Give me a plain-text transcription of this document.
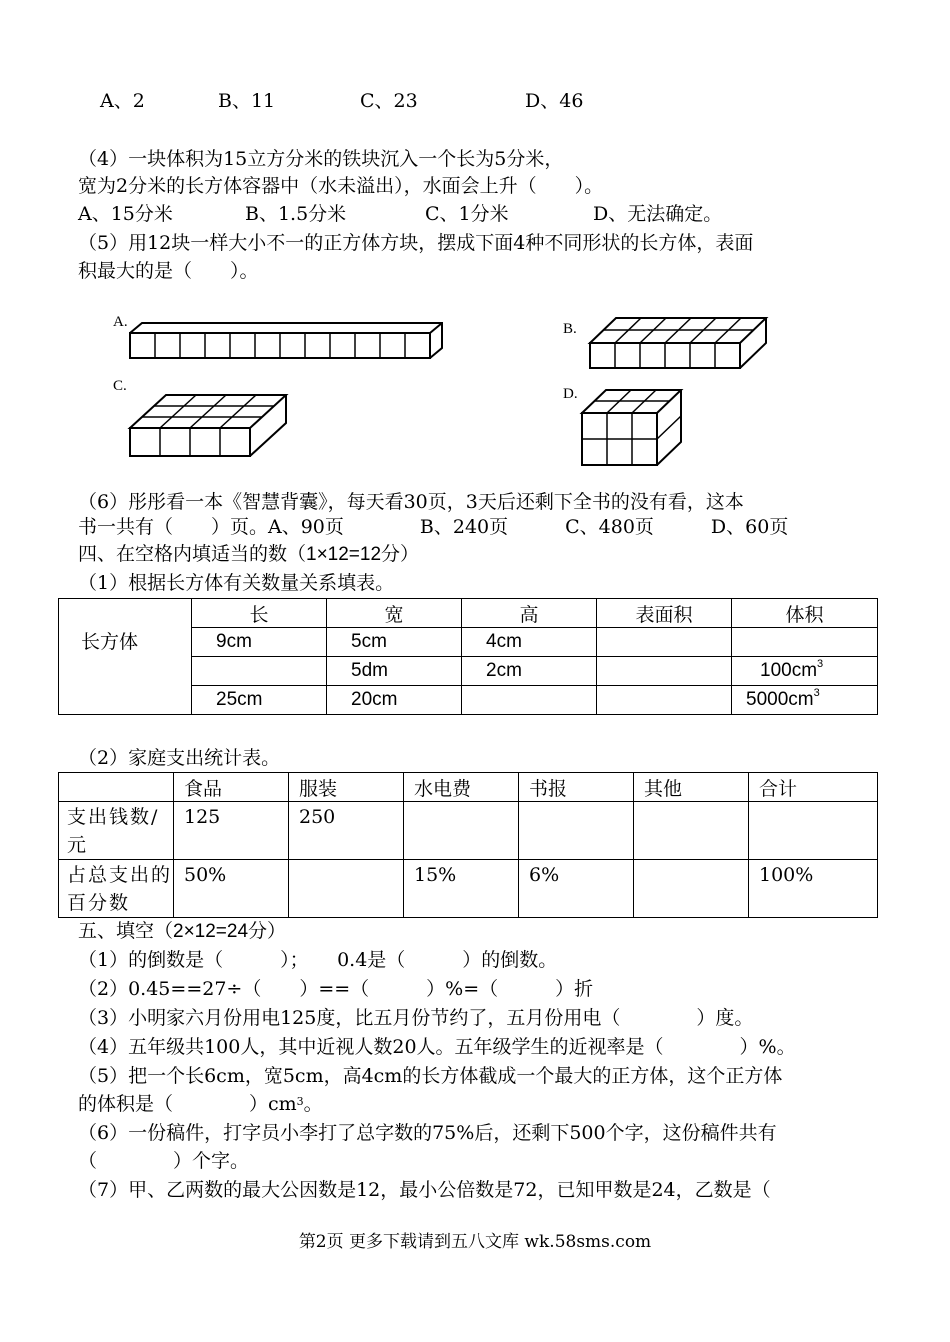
A、2	B、11	C、23	D、46
（4）一块体积为15立方分米的铁块沉入一个长为5分米，
宽为2分米的长方体容器中（水未溢出），水面会上升（　　）。
A、15分米	B、1.5分米	C、1分米	D、无法确定。
（5）用12块一样大小不一的正方体方块，摆成下面4种不同形状的长方体，表面
积最大的是（　　）。
A.	B.
C.	D.
（6）彤彤看一本《智慧背囊》，每天看30页，3天后还剩下全书的没有看，这本
书一共有（　　）页。A、90页　　　　B、240页　　　C、480页　　　D、60页
四、在空格内填适当的数（1×12=12分）
（1）根据长方体有关数量关系填表。
长方体	长	宽	高	表面积	体积
	9cm	5cm	4cm		
		5dm	2cm		$100cm^3$
	25cm	20cm			$5000cm^3$
（2）家庭支出统计表。
	食品	服装	水电费	书报	其他	合计
支出钱数/元	125	250				
占总支出的百分数	50%		15%	6%		100%
五、填空（2×12=24分）
（1）的倒数是（　　　）；　　0.4是（　　　）的倒数。
（2）0.45==27÷（　　）==（　　　）%=（　　　）折
（3）小明家六月份用电125度，比五月份节约了，五月份用电（　　　　）度。
（4）五年级共100人，其中近视人数20人。五年级学生的近视率是（　　　　）%。
（5）把一个长6cm，宽5cm，高4cm的长方体截成一个最大的正方体，这个正方体
的体积是（　　　　）$cm^3$。
（6）一份稿件，打字员小李打了总字数的75%后，还剩下500个字，这份稿件共有
（　　　　）个字。
（7）甲、乙两数的最大公因数是12，最小公倍数是72，已知甲数是24，乙数是（
第2页 更多下载请到五八文库 wk.58sms.com
